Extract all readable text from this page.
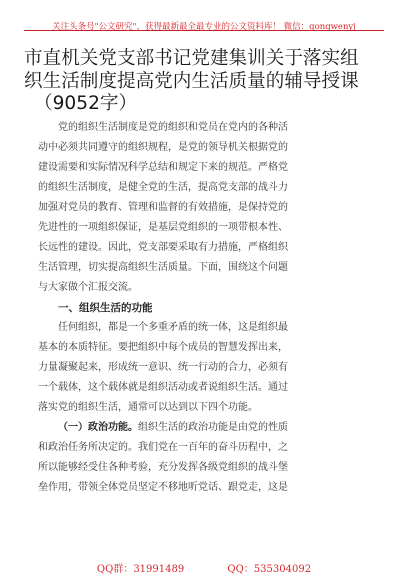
关注头条号"公文研究"，获得最新最全最专业的公文资料库！ 微信：gongwenyj
市直机关党支部书记党建集训关于落实组
织生活制度提高党内生活质量的辅导授课
（9052字）
党的组织生活制度是党的组织和党员在党内的各种活
动中必须共同遵守的组织规程，是党的领导机关根据党的
建设需要和实际情况科学总结和规定下来的规范。严格党
的组织生活制度，是健全党的生活，提高党支部的战斗力
加强对党员的教育、管理和监督的有效措施，是保持党的
先进性的一项组织保证，是基层党组织的一项带根本性、
长远性的建设。因此，党支部要采取有力措施，严格组织
生活管理，切实提高组织生活质量。下面，围绕这个问题
与大家做个汇报交流。
一、组织生活的功能
任何组织，都是一个多重矛盾的统一体，这是组织最
基本的本质特征。要把组织中每个成员的智慧发挥出来，
力量凝聚起来，形成统一意识、统一行动的合力，必须有
一个载体，这个载体就是组织活动或者说组织生活。通过
落实党的组织生活，通常可以达到以下四个功能。
（一）政治功能。组织生活的政治功能是由党的性质
和政治任务所决定的。我们党在一百年的奋斗历程中，之
所以能够经受住各种考验，充分发挥各级党组织的战斗堡
垒作用，带领全体党员坚定不移地听党话、跟党走，这是
QQ群：31991489	QQ：535304092
